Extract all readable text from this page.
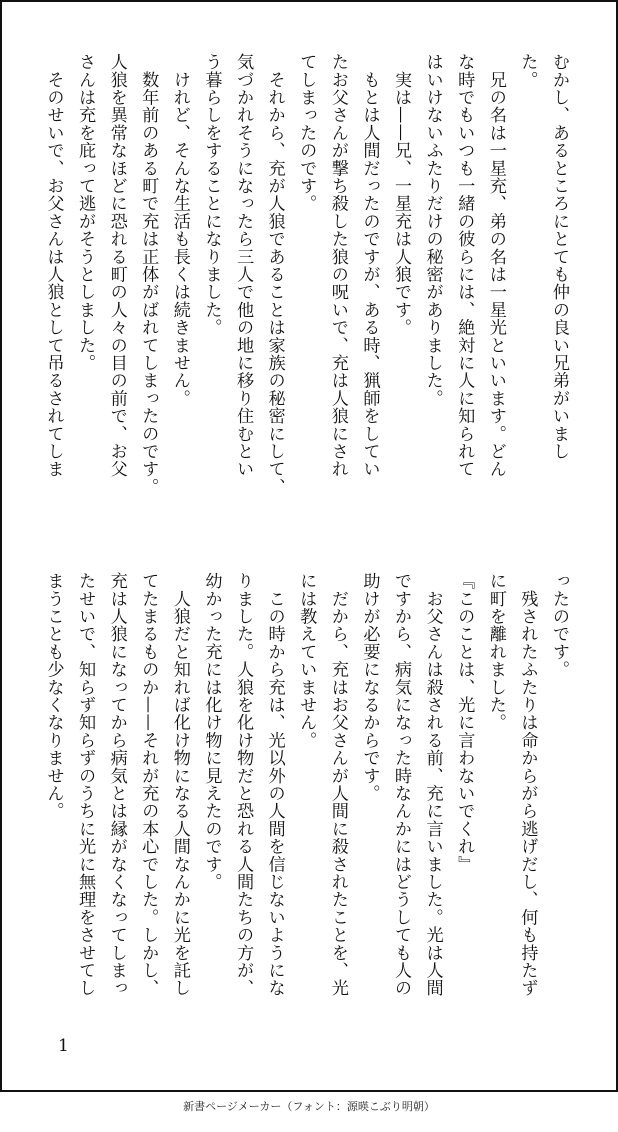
むかし、あるところにとても仲の良い兄弟がいまし

た。

　兄の名は一星充、弟の名は一星光といいます。どん

な時でもいつも一緒の彼らには、絶対に人に知られて

はいけないふたりだけの秘密がありました。

　実は——兄、一星充は人狼です。

　もとは人間だったのですが、ある時、猟師をしてい

たお父さんが撃ち殺した狼の呪いで、充は人狼にされ

てしまったのです。

　それから、充が人狼であることは家族の秘密にして、

気づかれそうになったら三人で他の地に移り住むとい

う暮らしをすることになりました。

　けれど、そんな生活も長くは続きません。

　数年前のある町で充は正体がばれてしまったのです。

人狼を異常なほどに恐れる町の人々の目の前で、お父

さんは充を庇って逃がそうとしました。

　そのせいで、お父さんは人狼として吊るされてしま

ったのです。

　残されたふたりは命からがら逃げだし、何も持たず

に町を離れました。

『このことは、光に言わないでくれ』

　お父さんは殺される前、充に言いました。光は人間

ですから、病気になった時なんかにはどうしても人の

助けが必要になるからです。

　だから、充はお父さんが人間に殺されたことを、光

には教えていません。

　この時から充は、光以外の人間を信じないようにな

りました。人狼を化け物だと恐れる人間たちの方が、

幼かった充には化け物に見えたのです。

　人狼だと知れば化け物になる人間なんかに光を託し

てたまるものか——それが充の本心でした。しかし、

充は人狼になってから病気とは縁がなくなってしまっ

たせいで、知らず知らずのうちに光に無理をさせてし

まうことも少なくなりません。

1
新書ページメーカー（フォント：源暎こぶり明朝）
